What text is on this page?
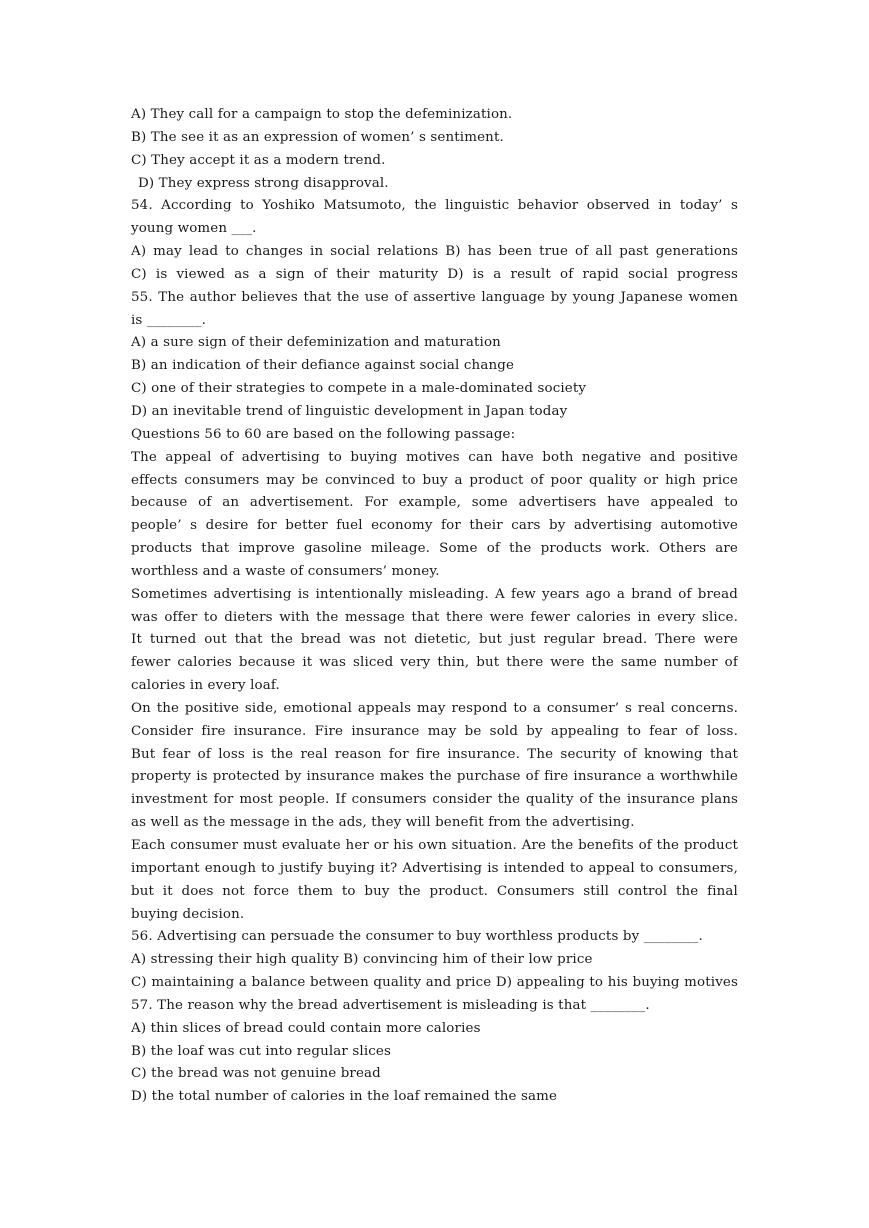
A) They call for a campaign to stop the defeminization.
B) The see it as an expression of women’ s sentiment.
C) They accept it as a modern trend.
D) They express strong disapproval.
54. According to Yoshiko Matsumoto, the linguistic behavior observed in today’ s
young women ___.
A) may lead to changes in social relations B) has been true of all past generations
C) is viewed as a sign of their maturity D) is a result of rapid social progress
55. The author believes that the use of assertive language by young Japanese women
is ________.
A) a sure sign of their defeminization and maturation
B) an indication of their defiance against social change
C) one of their strategies to compete in a male-dominated society
D) an inevitable trend of linguistic development in Japan today
Questions 56 to 60 are based on the following passage:
The appeal of advertising to buying motives can have both negative and positive
effects consumers may be convinced to buy a product of poor quality or high price
because of an advertisement. For example, some advertisers have appealed to
people’ s desire for better fuel economy for their cars by advertising automotive
products that improve gasoline mileage. Some of the products work. Others are
worthless and a waste of consumers’ money.
Sometimes advertising is intentionally misleading. A few years ago a brand of bread
was offer to dieters with the message that there were fewer calories in every slice.
It turned out that the bread was not dietetic, but just regular bread. There were
fewer calories because it was sliced very thin, but there were the same number of
calories in every loaf.
On the positive side, emotional appeals may respond to a consumer’ s real concerns.
Consider fire insurance. Fire insurance may be sold by appealing to fear of loss.
But fear of loss is the real reason for fire insurance. The security of knowing that
property is protected by insurance makes the purchase of fire insurance a worthwhile
investment for most people. If consumers consider the quality of the insurance plans
as well as the message in the ads, they will benefit from the advertising.
Each consumer must evaluate her or his own situation. Are the benefits of the product
important enough to justify buying it? Advertising is intended to appeal to consumers,
but it does not force them to buy the product. Consumers still control the final
buying decision.
56. Advertising can persuade the consumer to buy worthless products by ________.
A) stressing their high quality B) convincing him of their low price
C) maintaining a balance between quality and price D) appealing to his buying motives
57. The reason why the bread advertisement is misleading is that ________.
A) thin slices of bread could contain more calories
B) the loaf was cut into regular slices
C) the bread was not genuine bread
D) the total number of calories in the loaf remained the same
